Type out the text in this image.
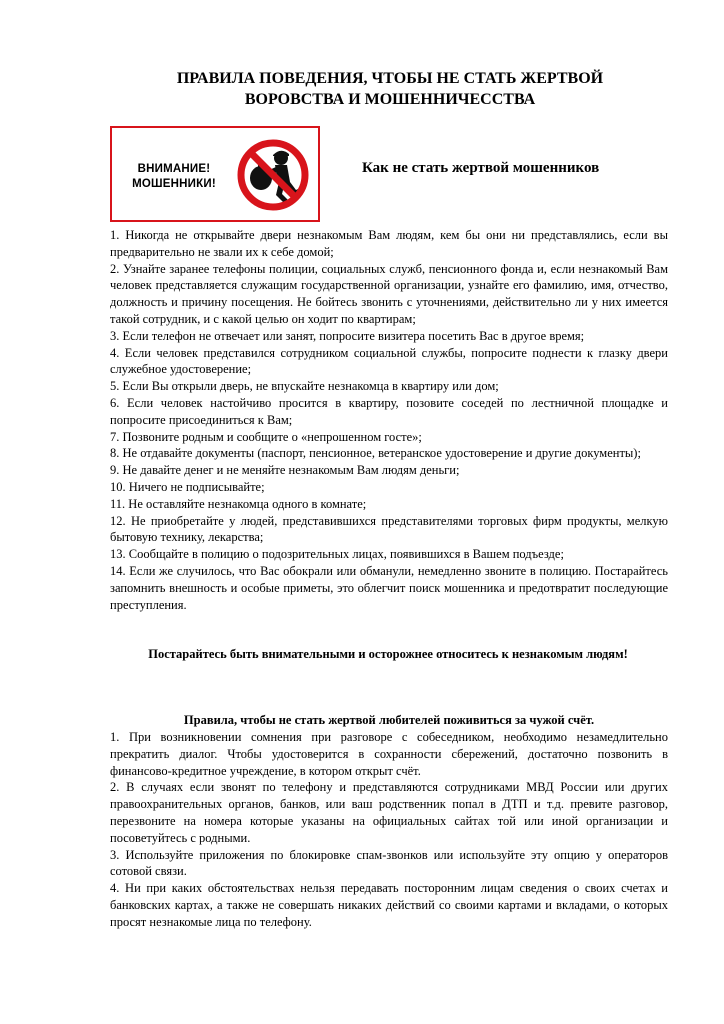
ПРАВИЛА ПОВЕДЕНИЯ, ЧТОБЫ НЕ СТАТЬ ЖЕРТВОЙ
ВОРОВСТВА И МОШЕННИЧЕССТВА
ВНИМАНИЕ!
МОШЕННИКИ!
Как не стать жертвой мошенников

1. Никогда не открывайте двери незнакомым Вам людям, кем бы они ни представлялись, если вы предварительно не звали их к себе домой;

2. Узнайте заранее телефоны полиции, социальных служб, пенсионного фонда и, если незнакомый Вам человек представляется служащим государственной организации, узнайте его фамилию, имя, отчество, должность и причину посещения. Не бойтесь звонить с уточнениями, действительно ли у них имеется такой сотрудник, и с какой целью он ходит по квартирам;

3. Если телефон не отвечает или занят, попросите визитера посетить Вас в другое время;

4. Если человек представился сотрудником социальной службы, попросите поднести к глазку двери служебное удостоверение;

5. Если Вы открыли дверь, не впускайте незнакомца в квартиру или дом;

6. Если человек настойчиво просится в квартиру, позовите соседей по лестничной площадке и попросите присоединиться к Вам;

7. Позвоните родным и сообщите о «непрошенном госте»;

8. Не отдавайте документы (паспорт, пенсионное, ветеранское удостоверение и другие документы);

9. Не давайте денег и не меняйте незнакомым Вам людям деньги;

10. Ничего не подписывайте;

11. Не оставляйте незнакомца одного в комнате;

12. Не приобретайте у людей, представившихся представителями торговых фирм продукты, мелкую бытовую технику, лекарства;

13. Сообщайте в полицию о подозрительных лицах, появившихся в Вашем подъезде;

14. Если же случилось, что Вас обокрали или обманули, немедленно звоните в полицию. Постарайтесь запомнить внешность и особые приметы, это облегчит поиск мошенника и предотвратит последующие преступления.

Постарайтесь быть внимательными и осторожнее относитесь к незнакомым людям!
Правила, чтобы не стать жертвой любителей поживиться за чужой счёт.

1. При возникновении сомнения при разговоре с собеседником, необходимо незамедлительно прекратить диалог. Чтобы удостоверится в сохранности сбережений, достаточно позвонить в финансово-кредитное учреждение, в котором открыт счёт.

2. В случаях если звонят по телефону и представляются сотрудниками МВД России или других правоохранительных органов, банков, или ваш родственник попал в ДТП и т.д. превите разговор, перезвоните на номера которые указаны на официальных сайтах той или иной организации и посоветуйтесь с родными.

3. Используйте приложения по блокировке спам-звонков или используйте эту опцию у операторов сотовой связи.

4. Ни при каких обстоятельствах нельзя передавать посторонним лицам сведения о своих счетах и банковских картах, а также не совершать никаких действий со своими картами и вкладами, о которых просят незнакомые лица по телефону.
